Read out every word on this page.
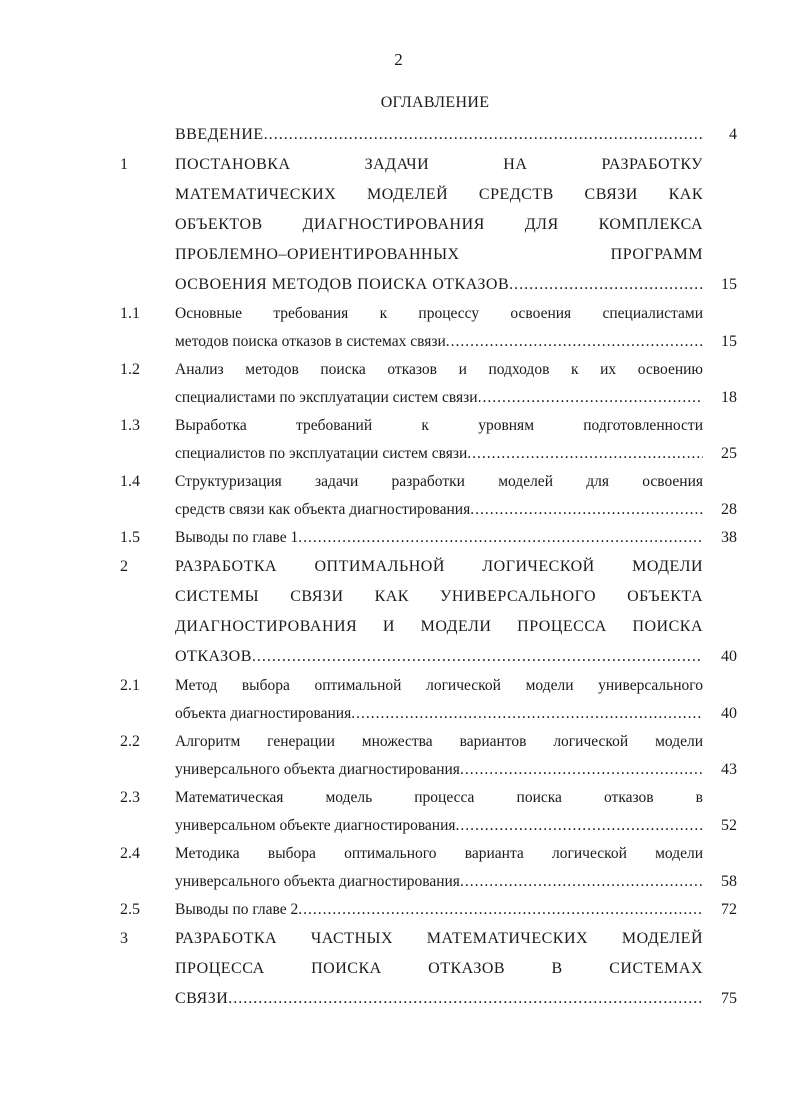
2
ОГЛАВЛЕНИЕ
ВВЕДЕНИЕ .....	4
1	ПОСТАНОВКА ЗАДАЧИ НА РАЗРАБОТКУ
МАТЕМАТИЧЕСКИХ МОДЕЛЕЙ СРЕДСТВ СВЯЗИ КАК
ОБЪЕКТОВ ДИАГНОСТИРОВАНИЯ ДЛЯ КОМПЛЕКСА
ПРОБЛЕМНО–ОРИЕНТИРОВАННЫХ ПРОГРАММ
ОСВОЕНИЯ МЕТОДОВ ПОИСКА ОТКАЗОВ .....	15
1.1 Основные требования к процессу освоения специалистами
методов поиска отказов в системах связи .....	15
1.2 Анализ методов поиска отказов и подходов к их освоению
специалистами по эксплуатации систем связи .....	18
1.3 Выработка требований к уровням подготовленности
специалистов по эксплуатации систем связи .....	25
1.4 Структуризация задачи разработки моделей для освоения
средств связи как объекта диагностирования .....	28
1.5 Выводы по главе 1 .....	38
2	РАЗРАБОТКА ОПТИМАЛЬНОЙ ЛОГИЧЕСКОЙ МОДЕЛИ
СИСТЕМЫ СВЯЗИ КАК УНИВЕРСАЛЬНОГО ОБЪЕКТА
ДИАГНОСТИРОВАНИЯ И МОДЕЛИ ПРОЦЕССА ПОИСКА
ОТКАЗОВ .....	40
2.1 Метод выбора оптимальной логической модели универсального
объекта диагностирования .....	40
2.2 Алгоритм генерации множества вариантов логической модели
универсального объекта диагностирования .....	43
2.3 Математическая модель процесса поиска отказов в
универсальном объекте диагностирования .....	52
2.4 Методика выбора оптимального варианта логической модели
универсального объекта диагностирования .....	58
2.5 Выводы по главе 2 .....	72
3	РАЗРАБОТКА ЧАСТНЫХ МАТЕМАТИЧЕСКИХ МОДЕЛЕЙ
ПРОЦЕССА ПОИСКА ОТКАЗОВ В СИСТЕМАХ
СВЯЗИ .....	75
